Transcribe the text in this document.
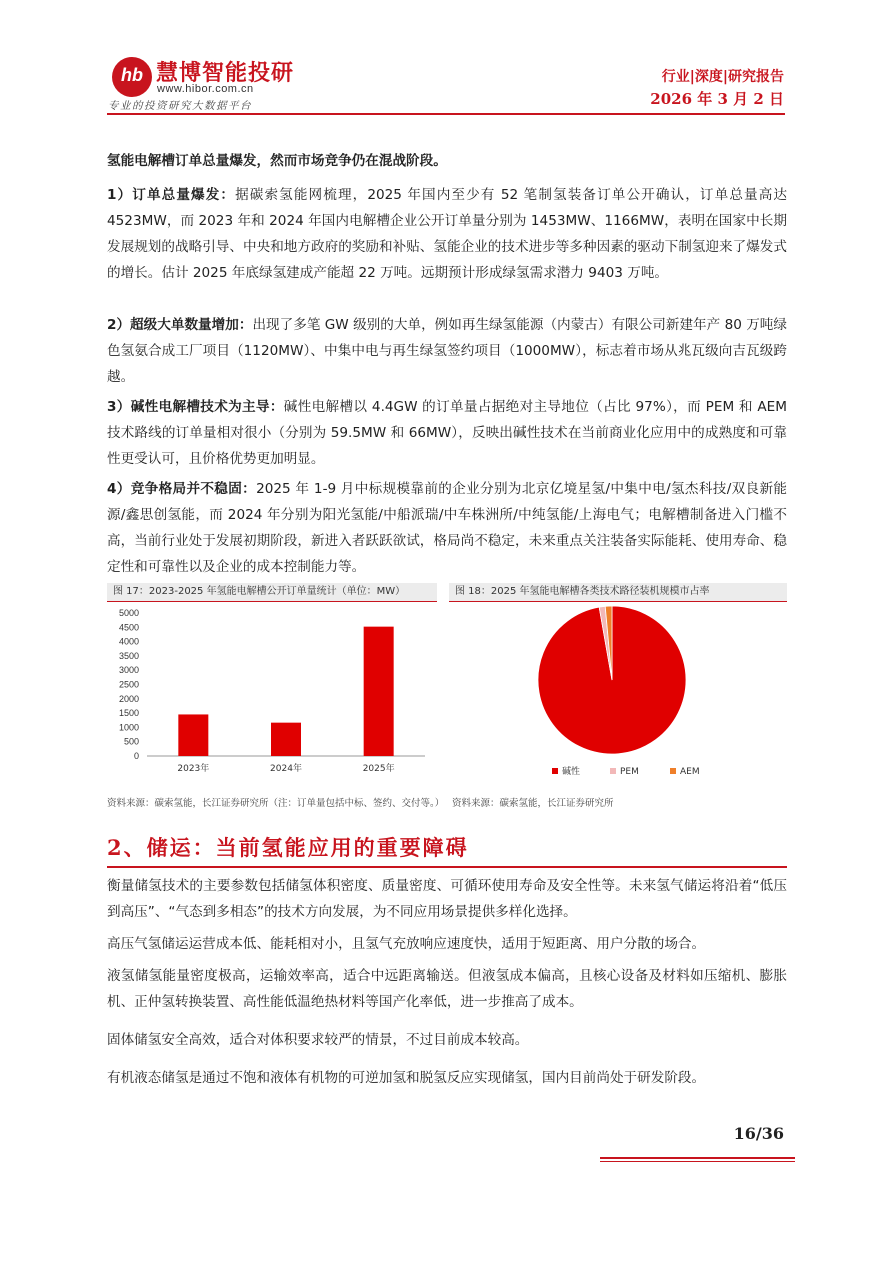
hb 慧博智能投研
www.hibor.com.cn
专业的投资研究大数据平台
行业|深度|研究报告
2026 年 3 月 2 日
氢能电解槽订单总量爆发，然而市场竞争仍在混战阶段。
1）订单总量爆发：据碳索氢能网梳理，2025 年国内至少有 52 笔制氢装备订单公开确认，订单总量高达 4523MW，而 2023 年和 2024 年国内电解槽企业公开订单量分别为 1453MW、1166MW，表明在国家中长期发展规划的战略引导、中央和地方政府的奖励和补贴、氢能企业的技术进步等多种因素的驱动下制氢迎来了爆发式的增长。估计 2025 年底绿氢建成产能超 22 万吨。远期预计形成绿氢需求潜力 9403 万吨。
2）超级大单数量增加：出现了多笔 GW 级别的大单，例如再生绿氢能源（内蒙古）有限公司新建年产 80 万吨绿色氢氨合成工厂项目（1120MW）、中集中电与再生绿氢签约项目（1000MW），标志着市场从兆瓦级向吉瓦级跨越。
3）碱性电解槽技术为主导：碱性电解槽以 4.4GW 的订单量占据绝对主导地位（占比 97%），而 PEM 和 AEM 技术路线的订单量相对很小（分别为 59.5MW 和 66MW），反映出碱性技术在当前商业化应用中的成熟度和可靠性更受认可，且价格优势更加明显。
4）竞争格局并不稳固：2025 年 1-9 月中标规模靠前的企业分别为北京亿境星氢/中集中电/氢杰科技/双良新能源/鑫思创氢能，而 2024 年分别为阳光氢能/中船派瑞/中车株洲所/中纯氢能/上海电气；电解槽制备进入门槛不高，当前行业处于发展初期阶段，新进入者跃跃欲试，格局尚不稳定，未来重点关注装备实际能耗、使用寿命、稳定性和可靠性以及企业的成本控制能力等。
图 17：2023-2025 年氢能电解槽公开订单量统计（单位：MW）
5000
4500
4000
3500
3000
2500
2000
1500
1000
500
0
2023年	2024年	2025年
资料来源：碳索氢能，长江证券研究所（注：订单量包括中标、签约、交付等。）
图 18：2025 年氢能电解槽各类技术路径装机规模市占率
碱性	PEM	AEM
资料来源：碳索氢能，长江证券研究所
2、储运：当前氢能应用的重要障碍
衡量储氢技术的主要参数包括储氢体积密度、质量密度、可循环使用寿命及安全性等。未来氢气储运将沿着“低压到高压”、“气态到多相态”的技术方向发展，为不同应用场景提供多样化选择。
高压气氢储运运营成本低、能耗相对小，且氢气充放响应速度快，适用于短距离、用户分散的场合。
液氢储氢能量密度极高，运输效率高，适合中远距离输送。但液氢成本偏高，且核心设备及材料如压缩机、膨胀机、正仲氢转换装置、高性能低温绝热材料等国产化率低，进一步推高了成本。
固体储氢安全高效，适合对体积要求较严的情景，不过目前成本较高。
有机液态储氢是通过不饱和液体有机物的可逆加氢和脱氢反应实现储氢，国内目前尚处于研发阶段。
16/36
